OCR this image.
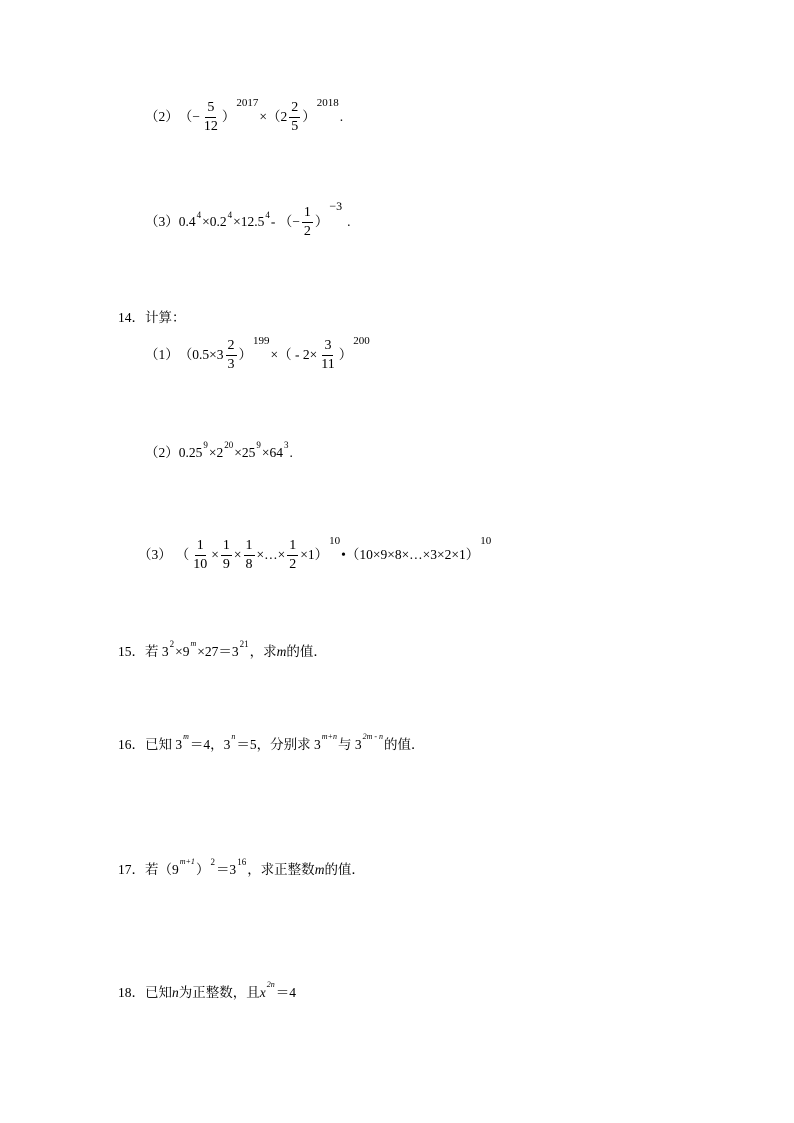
（2） （ − $\frac{5}{12}$ ）
$^{2017}$
× （ $2 \frac{2}{5}$ ）
$^{2018}$
.
（3） $0.4^4 \times 0.2^4 \times 12.5^4$ - （− $\frac{1}{2}$ ）
$^{-3}$
.
14．计算：
（1） （$0.5\times 3 \frac{2}{3}$ ）
$^{199}$
×（ - $2\times \frac{3}{11}$ ）
$^{200}$
（2） $0.25^9 \times 2^{20} \times 25^9 \times 64^3$ .
（3） （ $\frac{1}{10} \times \frac{1}{9} \times \frac{1}{8}$ ×…× $\frac{1}{2} \times 1$）
$^{10}$
• （10×9×8×…×3×2×1）
$^{10}$
15．若 $3^2 \times 9$
$^m$
$\times 27=3^{21}$ ，求 m 的值．
16．已知 3
$^m$
＝4，3
$^n$
＝5，分别求 3
$^{m+n}$
与 3
$^{2m - n}$
的值．
17．若（9
$^{m+1}$
）$^2 =3^{16}$ ，求正整数 m 的值．
18．已知 n 为正整数，且 x
$^{2n}$
＝4
